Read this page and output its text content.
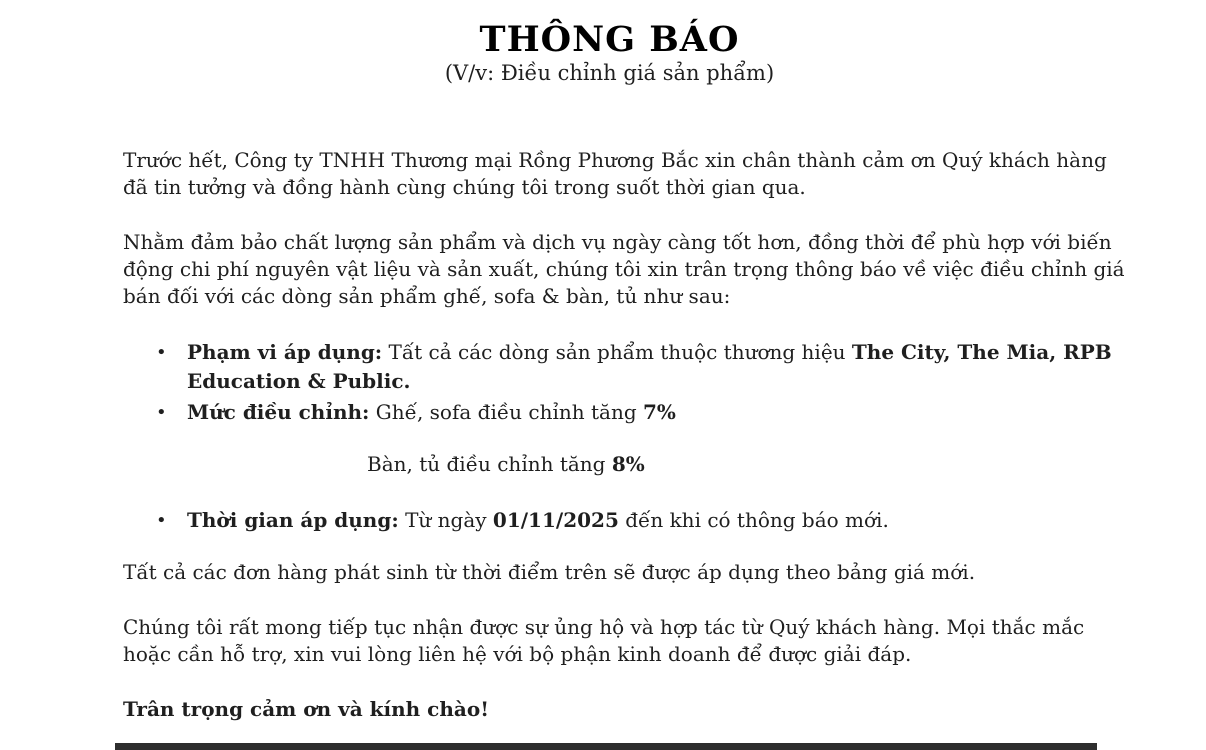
THÔNG BÁO
(V/v: Điều chỉnh giá sản phẩm)
Trước hết, Công ty TNHH Thương mại Rồng Phương Bắc xin chân thành cảm ơn Quý khách hàng
đã tin tưởng và đồng hành cùng chúng tôi trong suốt thời gian qua.
Nhằm đảm bảo chất lượng sản phẩm và dịch vụ ngày càng tốt hơn, đồng thời để phù hợp với biến
động chi phí nguyên vật liệu và sản xuất, chúng tôi xin trân trọng thông báo về việc điều chỉnh giá
bán đối với các dòng sản phẩm ghế, sofa & bàn, tủ như sau:
• Phạm vi áp dụng: Tất cả các dòng sản phẩm thuộc thương hiệu The City, The Mia, RPB
Education & Public.
• Mức điều chỉnh: Ghế, sofa điều chỉnh tăng 7%
Bàn, tủ điều chỉnh tăng 8%
• Thời gian áp dụng: Từ ngày 01/11/2025 đến khi có thông báo mới.
Tất cả các đơn hàng phát sinh từ thời điểm trên sẽ được áp dụng theo bảng giá mới.
Chúng tôi rất mong tiếp tục nhận được sự ủng hộ và hợp tác từ Quý khách hàng. Mọi thắc mắc
hoặc cần hỗ trợ, xin vui lòng liên hệ với bộ phận kinh doanh để được giải đáp.
Trân trọng cảm ơn và kính chào!
